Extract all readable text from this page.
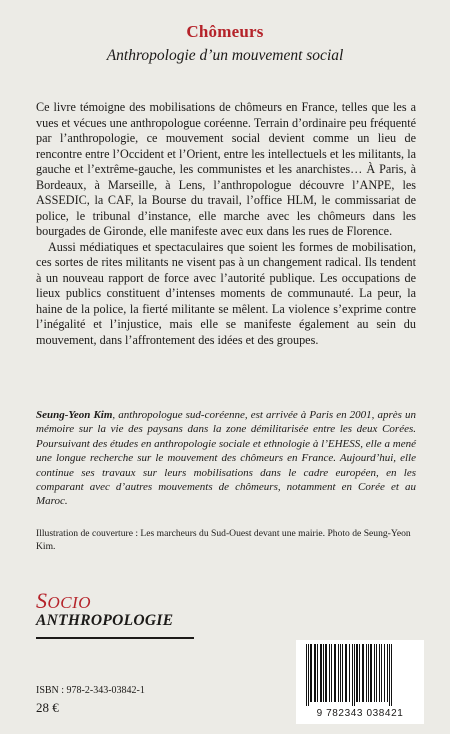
Chômeurs
Anthropologie d’un mouvement social

Ce livre témoigne des mobilisations de chômeurs en France, telles que les a vues et vécues une anthropologue coréenne. Terrain d’ordinaire peu fréquenté par l’anthropologie, ce mouvement social devient comme un lieu de rencontre entre l’Occident et l’Orient, entre les intellectuels et les militants, la gauche et l’extrême-gauche, les communistes et les anarchistes… À Paris, à Bordeaux, à Marseille, à Lens, l’anthropologue découvre l’ANPE, les ASSEDIC, la CAF, la Bourse du travail, l’office HLM, le commissariat de police, le tribunal d’instance, elle marche avec les chômeurs dans les bourgades de Gironde, elle manifeste avec eux dans les rues de Florence.

Aussi médiatiques et spectaculaires que soient les formes de mobilisation, ces sortes de rites militants ne visent pas à un changement radical. Ils tendent à un nouveau rapport de force avec l’autorité publique. Les occupations de lieux publics constituent d’intenses moments de communauté. La peur, la haine de la police, la fierté militante se mêlent. La violence s’exprime contre l’inégalité et l’injustice, mais elle se manifeste également au sein du mouvement, dans l’affrontement des idées et des groupes.

Seung-Yeon Kim, anthropologue sud-coréenne, est arrivée à Paris en 2001, après un mémoire sur la vie des paysans dans la zone démilitarisée entre les deux Corées. Poursuivant des études en anthropologie sociale et ethnologie à l’EHESS, elle a mené une longue recherche sur le mouvement des chômeurs en France. Aujourd’hui, elle continue ses travaux sur leurs mobilisations dans le cadre européen, en les comparant avec d’autres mouvements de chômeurs, notamment en Corée et au Maroc.
Illustration de couverture : Les marcheurs du Sud-Ouest devant une mairie. Photo de Seung-Yeon Kim.
SOCIO
ANTHROPOLOGIE
ISBN : 978-2-343-03842-1
28 €	9 782343 038421
